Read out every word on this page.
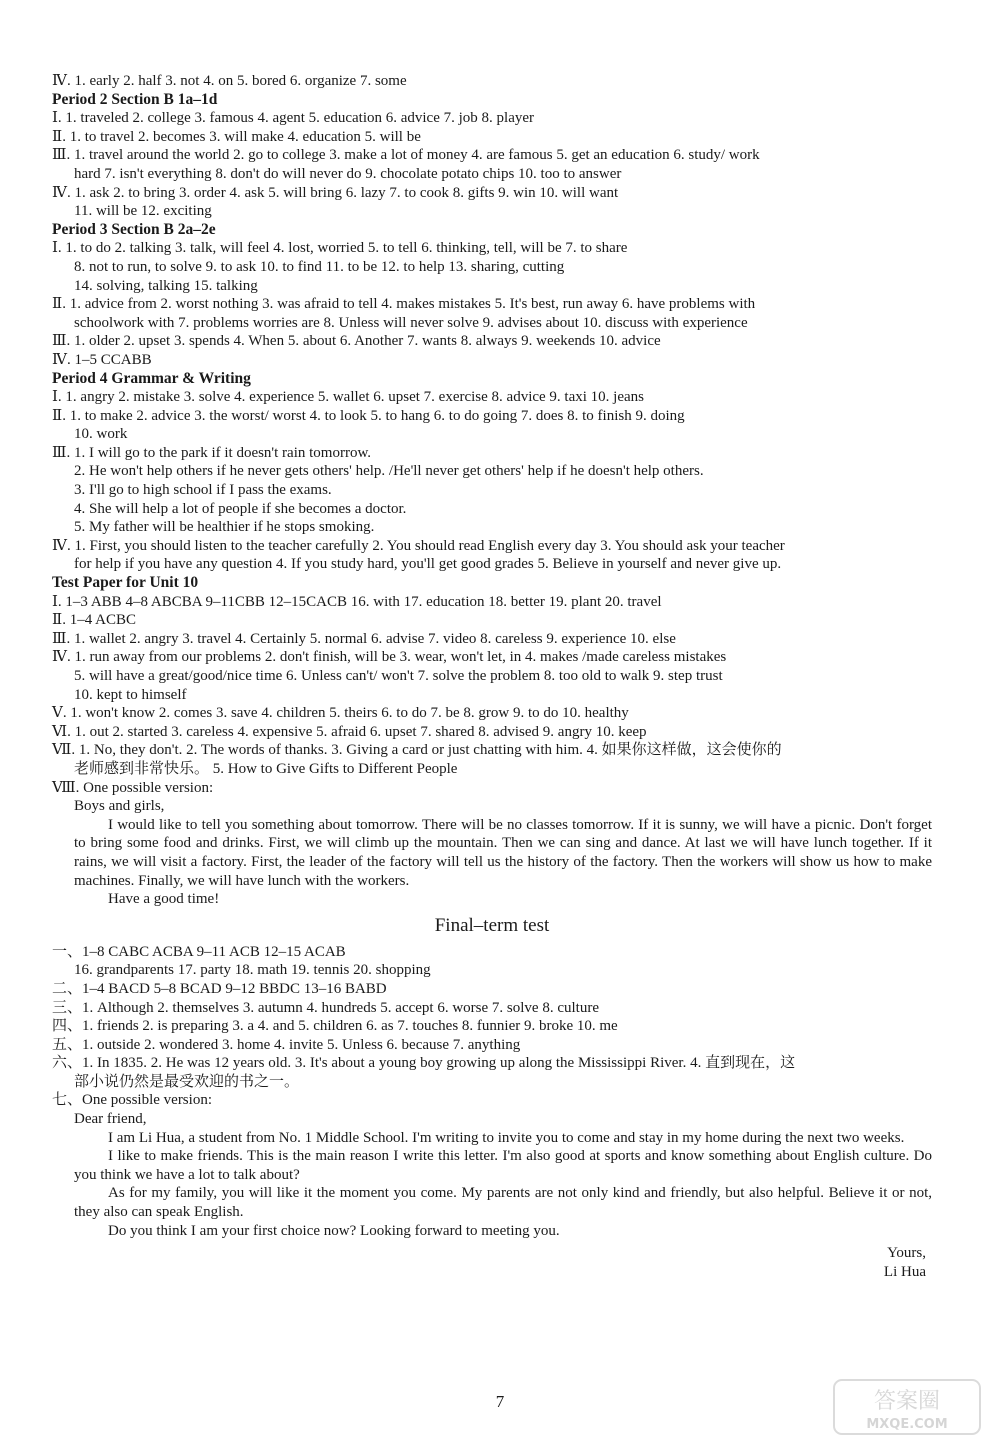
Ⅳ. 1. early 2. half 3. not 4. on 5. bored 6. organize 7. some
Period 2 Section B 1a–1d
Ⅰ. 1. traveled 2. college 3. famous 4. agent 5. education 6. advice 7. job 8. player
Ⅱ. 1. to travel 2. becomes 3. will make 4. education 5. will be
Ⅲ. 1. travel around the world 2. go to college 3. make a lot of money 4. are famous 5. get an education 6. study/ work
hard 7. isn't everything 8. don't do will never do 9. chocolate potato chips 10. too to answer
Ⅳ. 1. ask 2. to bring 3. order 4. ask 5. will bring 6. lazy 7. to cook 8. gifts 9. win 10. will want
11. will be 12. exciting
Period 3 Section B 2a–2e
Ⅰ. 1. to do 2. talking 3. talk, will feel 4. lost, worried 5. to tell 6. thinking, tell, will be 7. to share
8. not to run, to solve 9. to ask 10. to find 11. to be 12. to help 13. sharing, cutting
14. solving, talking 15. talking
Ⅱ. 1. advice from 2. worst nothing 3. was afraid to tell 4. makes mistakes 5. It's best, run away 6. have problems with
schoolwork with 7. problems worries are 8. Unless will never solve 9. advises about 10. discuss with experience
Ⅲ. 1. older 2. upset 3. spends 4. When 5. about 6. Another 7. wants 8. always 9. weekends 10. advice
Ⅳ. 1–5 CCABB
Period 4 Grammar & Writing
Ⅰ. 1. angry 2. mistake 3. solve 4. experience 5. wallet 6. upset 7. exercise 8. advice 9. taxi 10. jeans
Ⅱ. 1. to make 2. advice 3. the worst/ worst 4. to look 5. to hang 6. to do going 7. does 8. to finish 9. doing
10. work
Ⅲ. 1. I will go to the park if it doesn't rain tomorrow.
2. He won't help others if he never gets others' help. /He'll never get others' help if he doesn't help others.
3. I'll go to high school if I pass the exams.
4. She will help a lot of people if she becomes a doctor.
5. My father will be healthier if he stops smoking.
Ⅳ. 1. First, you should listen to the teacher carefully 2. You should read English every day 3. You should ask your teacher
for help if you have any question 4. If you study hard, you'll get good grades 5. Believe in yourself and never give up.
Test Paper for Unit 10
Ⅰ. 1–3 ABB 4–8 ABCBA 9–11CBB 12–15CACB 16. with 17. education 18. better 19. plant 20. travel
Ⅱ. 1–4 ACBC
Ⅲ. 1. wallet 2. angry 3. travel 4. Certainly 5. normal 6. advise 7. video 8. careless 9. experience 10. else
Ⅳ. 1. run away from our problems 2. don't finish, will be 3. wear, won't let, in 4. makes /made careless mistakes
5. will have a great/good/nice time 6. Unless can't/ won't 7. solve the problem 8. too old to walk 9. step trust
10. kept to himself
Ⅴ. 1. won't know 2. comes 3. save 4. children 5. theirs 6. to do 7. be 8. grow 9. to do 10. healthy
Ⅵ. 1. out 2. started 3. careless 4. expensive 5. afraid 6. upset 7. shared 8. advised 9. angry 10. keep
Ⅶ. 1. No, they don't. 2. The words of thanks. 3. Giving a card or just chatting with him. 4. 如果你这样做，这会使你的
老师感到非常快乐。 5. How to Give Gifts to Different People
Ⅷ. One possible version:
Boys and girls,
I would like to tell you something about tomorrow. There will be no classes tomorrow. If it is sunny, we will have a picnic. Don't forget to bring some food and drinks. First, we will climb up the mountain. Then we can sing and dance. At last we will have lunch together. If it rains, we will visit a factory. First, the leader of the factory will tell us the history of the factory. Then the workers will show us how to make machines. Finally, we will have lunch with the workers.
Have a good time!
Final–term test
一、1–8 CABC ACBA 9–11 ACB 12–15 ACAB
16. grandparents 17. party 18. math 19. tennis 20. shopping
二、1–4 BACD 5–8 BCAD 9–12 BBDC 13–16 BABD
三、1. Although 2. themselves 3. autumn 4. hundreds 5. accept 6. worse 7. solve 8. culture
四、1. friends 2. is preparing 3. a 4. and 5. children 6. as 7. touches 8. funnier 9. broke 10. me
五、1. outside 2. wondered 3. home 4. invite 5. Unless 6. because 7. anything
六、1. In 1835. 2. He was 12 years old. 3. It's about a young boy growing up along the Mississippi River. 4. 直到现在，这
部小说仍然是最受欢迎的书之一。
七、One possible version:
Dear friend,
I am Li Hua, a student from No. 1 Middle School. I'm writing to invite you to come and stay in my home during the next two weeks.
I like to make friends. This is the main reason I write this letter. I'm also good at sports and know something about English culture. Do you think we have a lot to talk about?
As for my family, you will like it the moment you come. My parents are not only kind and friendly, but also helpful. Believe it or not, they also can speak English.
Do you think I am your first choice now? Looking forward to meeting you.
Yours,
Li Hua
7	答案圈
MXQE.COM
